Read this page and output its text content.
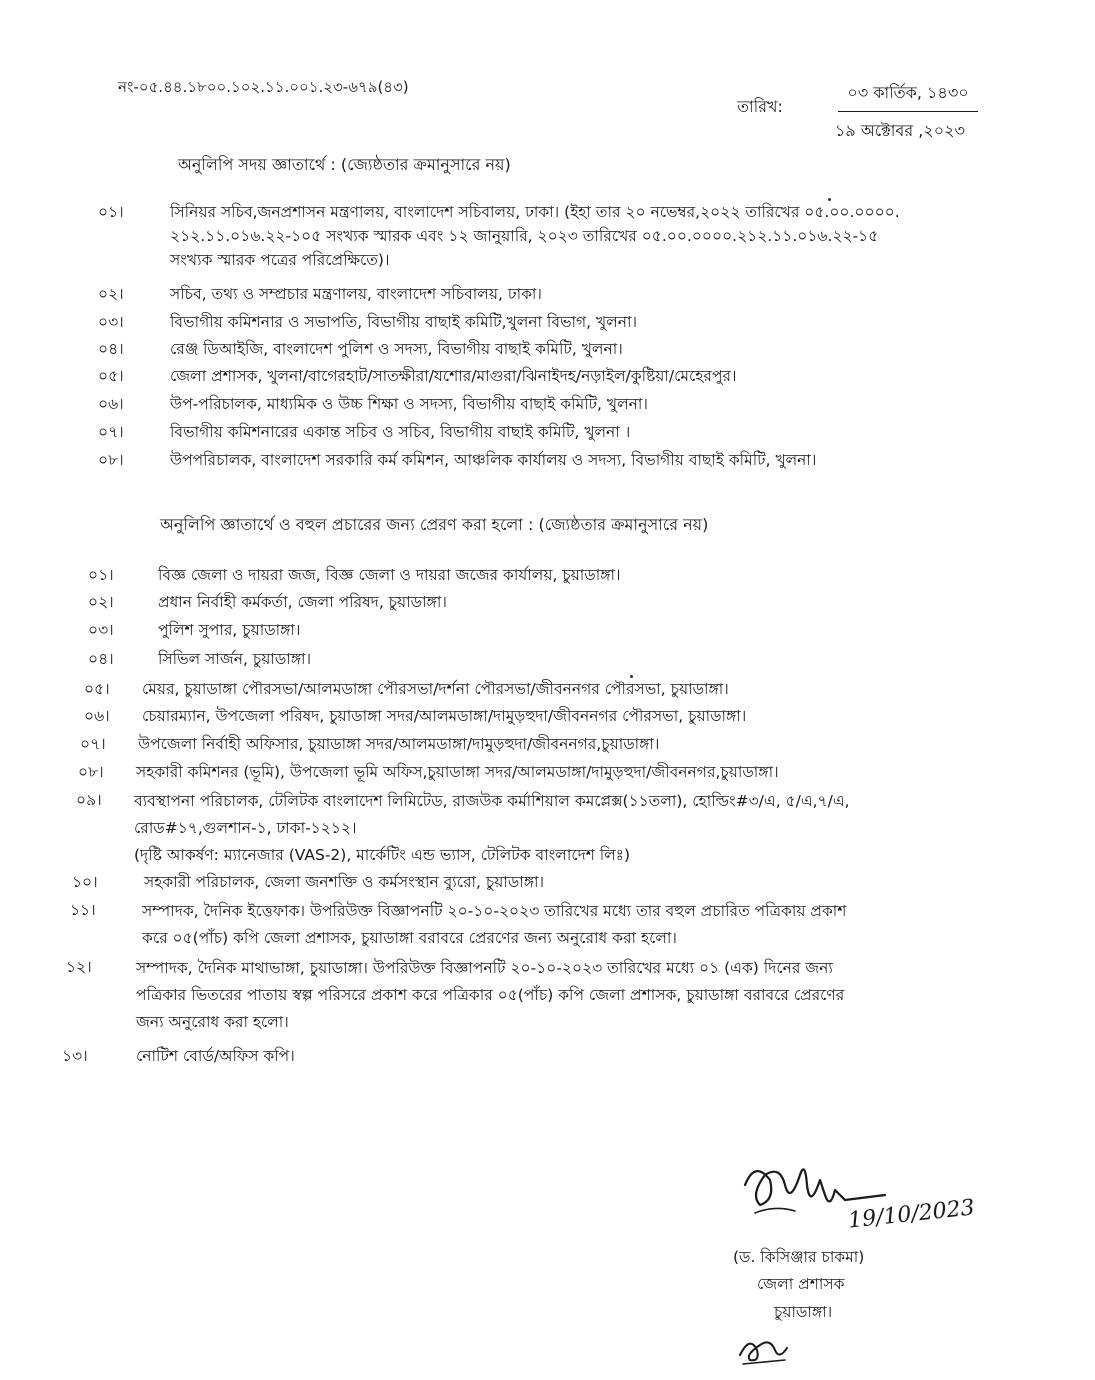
নং-০৫.৪৪.১৮০০.১০২.১১.০০১.২৩-৬৭৯(৪৩)
তারিখ:
০৩ কার্তিক, ১৪৩০
১৯ অক্টোবর ,২০২৩
অনুলিপি সদয় জ্ঞাতার্থে : (জ্যেষ্ঠতার ক্রমানুসারে নয়)
০১।	সিনিয়র সচিব,জনপ্রশাসন মন্ত্রণালয়, বাংলাদেশ সচিবালয়, ঢাকা। (ইহা তার ২০ নভেম্বর,২০২২ তারিখের ০৫.০০.০০০০.
২১২.১১.০১৬.২২-১০৫ সংখ্যক স্মারক এবং ১২ জানুয়ারি, ২০২৩ তারিখের ০৫.০০.০০০০.২১২.১১.০১৬.২২-১৫
সংখ্যক স্মারক পত্রের পরিপ্রেক্ষিতে)।
০২।	সচিব, তথ্য ও সম্প্রচার মন্ত্রণালয়, বাংলাদেশ সচিবালয়, ঢাকা।
০৩।	বিভাগীয় কমিশনার ও সভাপতি, বিভাগীয় বাছাই কমিটি,খুলনা বিভাগ, খুলনা।
০৪।	রেঞ্জ ডিআইজি, বাংলাদেশ পুলিশ ও সদস্য, বিভাগীয় বাছাই কমিটি, খুলনা।
০৫।	জেলা প্রশাসক, খুলনা/বাগেরহাট/সাতক্ষীরা/যশোর/মাগুরা/ঝিনাইদহ/নড়াইল/কুষ্টিয়া/মেহেরপুর।
০৬।	উপ-পরিচালক, মাধ্যমিক ও উচ্চ শিক্ষা ও সদস্য, বিভাগীয় বাছাই কমিটি, খুলনা।
০৭।	বিভাগীয় কমিশনারের একান্ত সচিব ও সচিব, বিভাগীয় বাছাই কমিটি, খুলনা ।
০৮।	উপপরিচালক, বাংলাদেশ সরকারি কর্ম কমিশন, আঞ্চলিক কার্যালয় ও সদস্য, বিভাগীয় বাছাই কমিটি, খুলনা।
অনুলিপি জ্ঞাতার্থে ও বহুল প্রচারের জন্য প্রেরণ করা হলো : (জ্যেষ্ঠতার ক্রমানুসারে নয়)
০১।	বিজ্ঞ জেলা ও দায়রা জজ, বিজ্ঞ জেলা ও দায়রা জজের কার্যালয়, চুয়াডাঙ্গা।
০২।	প্রধান নির্বাহী কর্মকর্তা, জেলা পরিষদ, চুয়াডাঙ্গা।
০৩।	পুলিশ সুপার, চুয়াডাঙ্গা।
০৪।	সিভিল সার্জন, চুয়াডাঙ্গা।
০৫। মেয়র, চুয়াডাঙ্গা পৌরসভা/আলমডাঙ্গা পৌরসভা/দর্শনা পৌরসভা/জীবননগর পৌরসভা, চুয়াডাঙ্গা।
০৬। চেয়ারম্যান, উপজেলা পরিষদ, চুয়াডাঙ্গা সদর/আলমডাঙ্গা/দামুড়হুদা/জীবননগর পৌরসভা, চুয়াডাঙ্গা।
০৭। উপজেলা নির্বাহী অফিসার, চুয়াডাঙ্গা সদর/আলমডাঙ্গা/দামুড়হুদা/জীবননগর,চুয়াডাঙ্গা।
০৮। সহকারী কমিশনর (ভূমি), উপজেলা ভূমি অফিস,চুয়াডাঙ্গা সদর/আলমডাঙ্গা/দামুড়হুদা/জীবননগর,চুয়াডাঙ্গা।
০৯। ব্যবস্থাপনা পরিচালক, টেলিটক বাংলাদেশ লিমিটেড, রাজউক কর্মাশিয়াল কমপ্লেক্স(১১তলা), হোল্ডিং#৩/এ, ৫/এ,৭/এ,
রোড#১৭,গুলশান-১, ঢাকা-১২১২।
(দৃষ্টি আকর্ষণ: ম্যানেজার (VAS-2), মার্কেটিং এন্ড ভ্যাস, টেলিটক বাংলাদেশ লিঃ)
১০।	সহকারী পরিচালক, জেলা জনশক্তি ও কর্মসংস্থান ব্যুরো, চুয়াডাঙ্গা।
১১।	সম্পাদক, দৈনিক ইত্তেফাক। উপরিউক্ত বিজ্ঞাপনটি ২০-১০-২০২৩ তারিখের মধ্যে তার বহুল প্রচারিত পত্রিকায় প্রকাশ
করে ০৫(পাঁচ) কপি জেলা প্রশাসক, চুয়াডাঙ্গা বরাবরে প্রেরণের জন্য অনুরোধ করা হলো।
১২।	সম্পাদক, দৈনিক মাথাভাঙ্গা, চুয়াডাঙ্গা। উপরিউক্ত বিজ্ঞাপনটি ২০-১০-২০২৩ তারিখের মধ্যে ০১ (এক) দিনের জন্য
পত্রিকার ভিতরের পাতায় স্বল্প পরিসরে প্রকাশ করে পত্রিকার ০৫(পাঁচ) কপি জেলা প্রশাসক, চুয়াডাঙ্গা বরাবরে প্রেরণের
জন্য অনুরোধ করা হলো।
১৩।	নোটিশ বোর্ড/অফিস কপি।
19/10/2023
(ড. কিসিঞ্জার চাকমা)
জেলা প্রশাসক
চুয়াডাঙ্গা।
